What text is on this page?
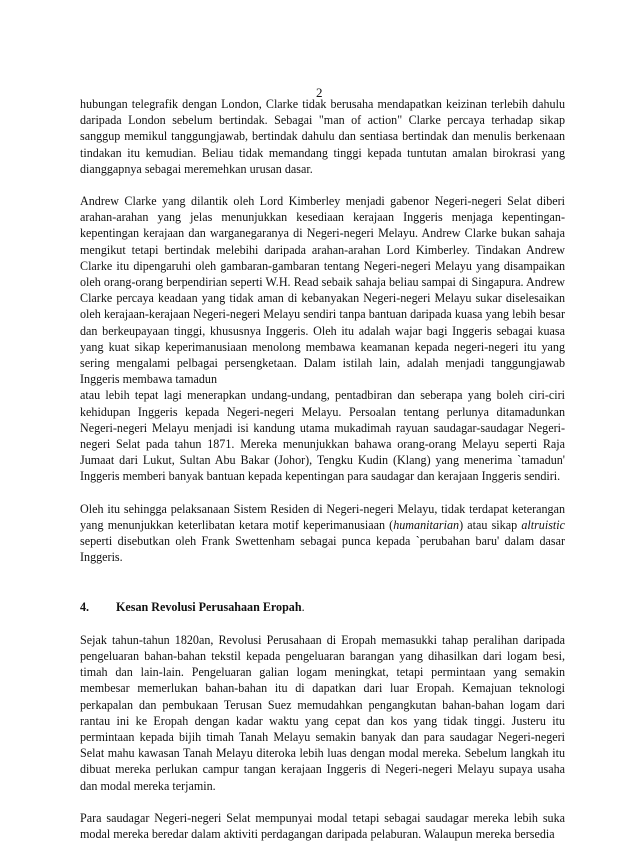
2

hubungan telegrafik dengan London, Clarke tidak berusaha mendapatkan keizinan terlebih dahulu daripada London sebelum bertindak. Sebagai "man of action" Clarke percaya terhadap sikap sanggup memikul tanggungjawab, bertindak dahulu dan sentiasa bertindak dan menulis berkenaan tindakan itu kemudian. Beliau tidak memandang tinggi kepada tuntutan amalan birokrasi yang dianggapnya sebagai meremehkan urusan dasar.

Andrew Clarke yang dilantik oleh Lord Kimberley menjadi gabenor Negeri-negeri Selat diberi arahan-arahan yang jelas menunjukkan kesediaan kerajaan Inggeris menjaga kepentingan-kepentingan kerajaan dan warganegaranya di Negeri-negeri Melayu. Andrew Clarke bukan sahaja mengikut tetapi bertindak melebihi daripada arahan-arahan Lord Kimberley. Tindakan Andrew Clarke itu dipengaruhi oleh gambaran-gambaran tentang Negeri-negeri Melayu yang disampaikan oleh orang-orang berpendirian seperti W.H. Read sebaik sahaja beliau sampai di Singapura. Andrew Clarke percaya keadaan yang tidak aman di kebanyakan Negeri-negeri Melayu sukar diselesaikan oleh kerajaan-kerajaan Negeri-negeri Melayu sendiri tanpa bantuan daripada kuasa yang lebih besar dan berkeupayaan tinggi, khususnya Inggeris. Oleh itu adalah wajar bagi Inggeris sebagai kuasa yang kuat sikap keperimanusiaan menolong membawa keamanan kepada negeri-negeri itu yang sering mengalami pelbagai persengketaan. Dalam istilah lain, adalah menjadi tanggungjawab Inggeris membawa tamadun

atau lebih tepat lagi menerapkan undang-undang, pentadbiran dan seberapa yang boleh ciri-ciri kehidupan Inggeris kepada Negeri-negeri Melayu. Persoalan tentang perlunya ditamadunkan Negeri-negeri Melayu menjadi isi kandung utama mukadimah rayuan saudagar-saudagar Negeri-negeri Selat pada tahun 1871. Mereka menunjukkan bahawa orang-orang Melayu seperti Raja Jumaat dari Lukut, Sultan Abu Bakar (Johor), Tengku Kudin (Klang) yang menerima `tamadun' Inggeris memberi banyak bantuan kepada kepentingan para saudagar dan kerajaan Inggeris sendiri.

Oleh itu sehingga pelaksanaan Sistem Residen di Negeri-negeri Melayu, tidak terdapat keterangan yang menunjukkan keterlibatan ketara motif keperimanusiaan (humanitarian) atau sikap altruistic seperti disebutkan oleh Frank Swettenham sebagai punca kepada `perubahan baru' dalam dasar Inggeris.

4.	Kesan Revolusi Perusahaan Eropah.

Sejak tahun-tahun 1820an, Revolusi Perusahaan di Eropah memasukki tahap peralihan daripada pengeluaran bahan-bahan tekstil kepada pengeluaran barangan yang dihasilkan dari logam besi, timah dan lain-lain. Pengeluaran galian logam meningkat, tetapi permintaan yang semakin membesar memerlukan bahan-bahan itu di dapatkan dari luar Eropah. Kemajuan teknologi perkapalan dan pembukaan Terusan Suez memudahkan pengangkutan bahan-bahan logam dari rantau ini ke Eropah dengan kadar waktu yang cepat dan kos yang tidak tinggi. Justeru itu permintaan kepada bijih timah Tanah Melayu semakin banyak dan para saudagar Negeri-negeri Selat mahu kawasan Tanah Melayu diteroka lebih luas dengan modal mereka. Sebelum langkah itu dibuat mereka perlukan campur tangan kerajaan Inggeris di Negeri-negeri Melayu supaya usaha dan modal mereka terjamin.

Para saudagar Negeri-negeri Selat mempunyai modal tetapi sebagai saudagar mereka lebih suka modal mereka beredar dalam aktiviti perdagangan daripada pelaburan. Walaupun mereka bersedia
